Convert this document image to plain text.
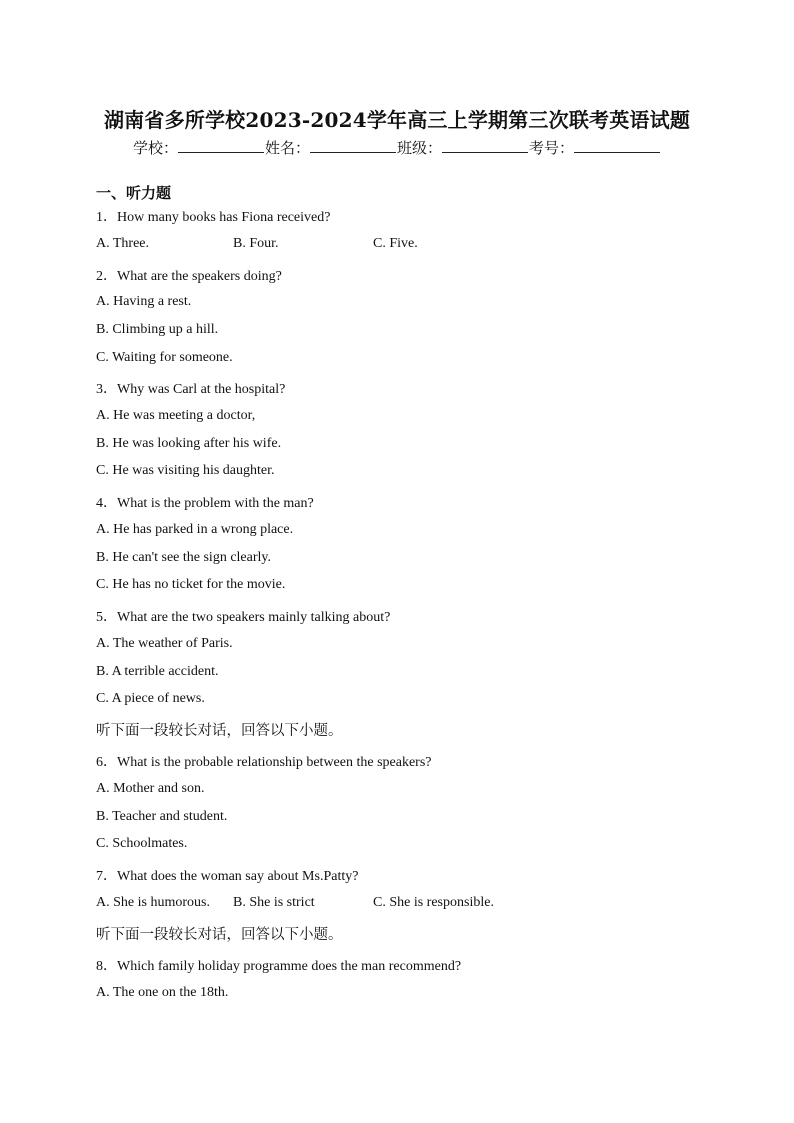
湖南省多所学校2023-2024学年高三上学期第三次联考英语试题
学校：	姓名：	班级：	考号：
一、听力题
1．How many books has Fiona received?
A. Three.	B. Four.	C. Five.
2．What are the speakers doing?
A. Having a rest.
B. Climbing up a hill.
C. Waiting for someone.
3．Why was Carl at the hospital?
A. He was meeting a doctor,
B. He was looking after his wife.
C. He was visiting his daughter.
4．What is the problem with the man?
A. He has parked in a wrong place.
B. He can't see the sign clearly.
C. He has no ticket for the movie.
5．What are the two speakers mainly talking about?
A. The weather of Paris.
B. A terrible accident.
C. A piece of news.
听下面一段较长对话，回答以下小题。
6．What is the probable relationship between the speakers?
A. Mother and son.
B. Teacher and student.
C. Schoolmates.
7．What does the woman say about Ms.Patty?
A. She is humorous. B. She is strict	C. She is responsible.
听下面一段较长对话，回答以下小题。
8．Which family holiday programme does the man recommend?
A. The one on the 18th.
